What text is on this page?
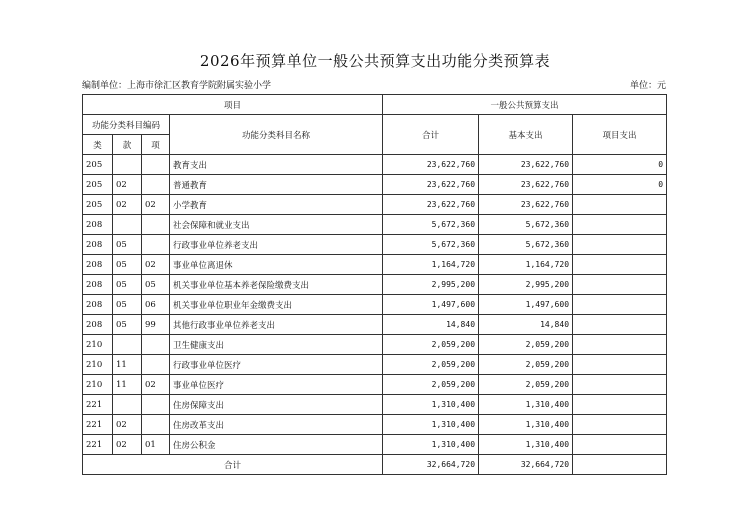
2026年预算单位一般公共预算支出功能分类预算表
编制单位：上海市徐汇区教育学院附属实验小学	单位：元
项目				一般公共预算支出		
功能分类科目编码			功能分类科目名称	合计	基本支出	项目支出
类	款	项				
205			教育支出	23,622,760	23,622,760	0
205	02		普通教育	23,622,760	23,622,760	0
205	02	02	小学教育	23,622,760	23,622,760	
208			社会保障和就业支出	5,672,360	5,672,360	
208	05		行政事业单位养老支出	5,672,360	5,672,360	
208	05	02	事业单位离退休	1,164,720	1,164,720	
208	05	05	机关事业单位基本养老保险缴费支出	2,995,200	2,995,200	
208	05	06	机关事业单位职业年金缴费支出	1,497,600	1,497,600	
208	05	99	其他行政事业单位养老支出	14,840	14,840	
210			卫生健康支出	2,059,200	2,059,200	
210	11		行政事业单位医疗	2,059,200	2,059,200	
210	11	02	事业单位医疗	2,059,200	2,059,200	
221			住房保障支出	1,310,400	1,310,400	
221	02		住房改革支出	1,310,400	1,310,400	
221	02	01	住房公积金	1,310,400	1,310,400	
合计				32,664,720	32,664,720	
